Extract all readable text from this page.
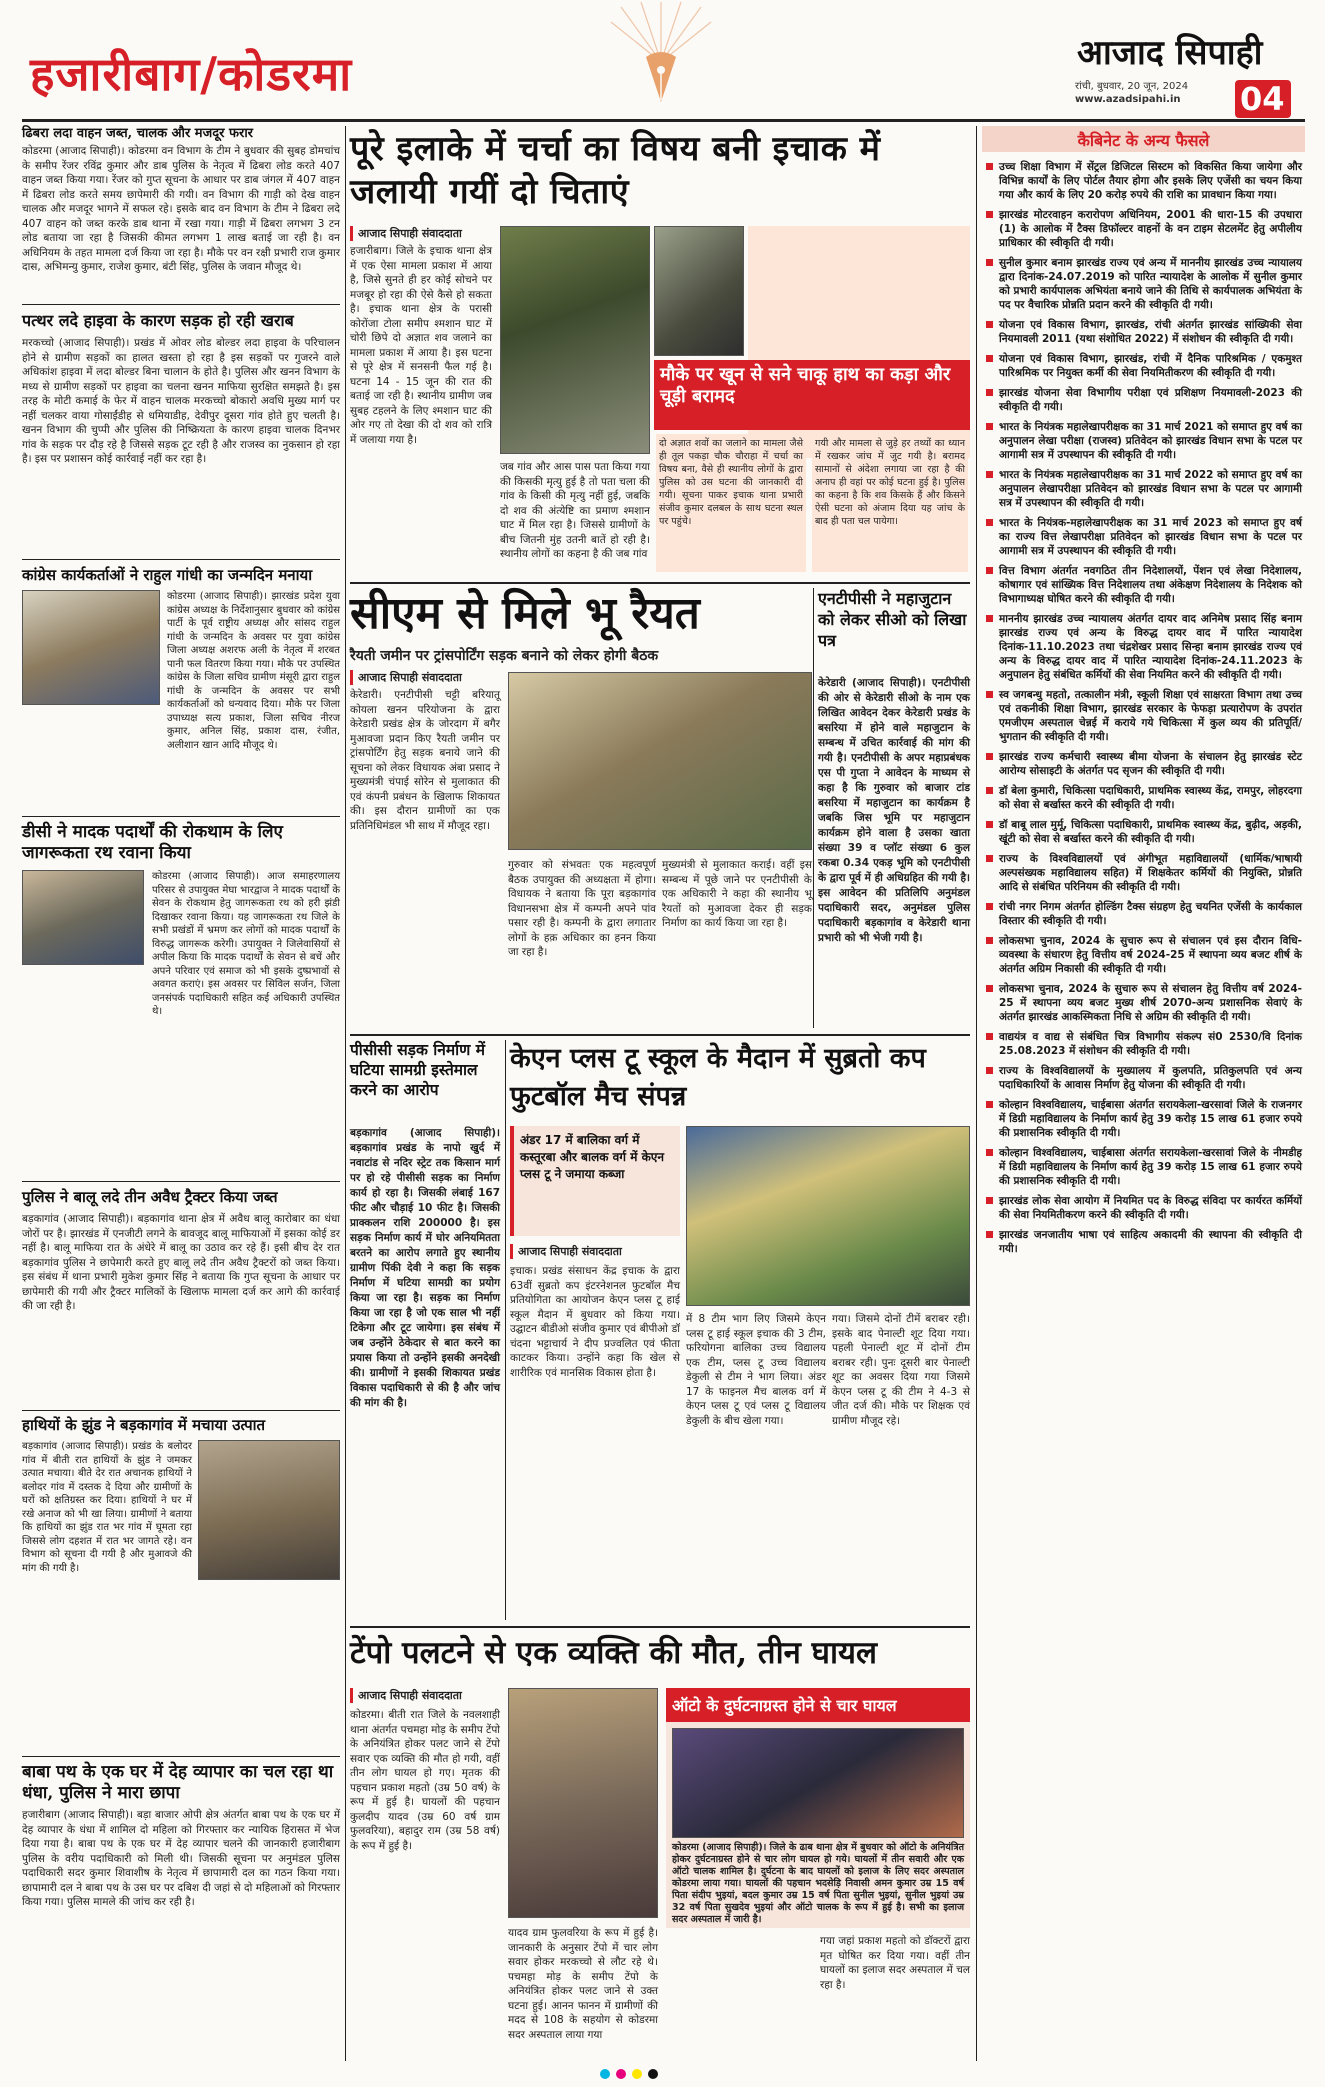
हजारीबाग/कोडरमा	आजाद सिपाही
रांची, बुधवार, 20 जून, 2024
www.azadsipahi.in 04
ढिबरा लदा वाहन जब्त, चालक और मजदूर फरार
कोडरमा (आजाद सिपाही)। कोडरमा वन विभाग के टीम ने बुधवार की सुबह डोमचांच के समीप रेंजर रविंद्र कुमार और डाब पुलिस के नेतृत्व में ढिबरा लोड करते 407 वाहन जब्त किया गया। रेंजर को गुप्त सूचना के आधार पर डाब जंगल में 407 वाहन में ढिबरा लोड करते समय छापेमारी की गयी। वन विभाग की गाड़ी को देख वाहन चालक और मजदूर भागने में सफल रहे। इसके बाद वन विभाग के टीम ने ढिबरा लदे 407 वाहन को जब्त करके डाब थाना में रखा गया। गाड़ी में ढिबरा लगभग 3 टन लोड बताया जा रहा है जिसकी कीमत लगभग 1 लाख बताई जा रही है। वन अधिनियम के तहत मामला दर्ज किया जा रहा है। मौके पर वन रक्षी प्रभारी राज कुमार दास, अभिमन्यु कुमार, राजेश कुमार, बंटी सिंह, पुलिस के जवान मौजूद थे।
पत्थर लदे हाइवा के कारण सड़क हो रही खराब
मरकच्चो (आजाद सिपाही)। प्रखंड में ओवर लोड बोल्डर लदा हाइवा के परिचालन होने से ग्रामीण सड़कों का हालत खस्ता हो रहा है इस सड़कों पर गुजरने वाले अधिकांश हाइवा में लदा बोल्डर बिना चालान के होते है। पुलिस और खनन विभाग के मध्य से ग्रामीण सड़कों पर हाइवा का चलना खनन माफिया सुरक्षित समझते है। इस तरह के मोटी कमाई के फेर में वाहन चालक मरकच्चो बोकारो अवधि मुख्य मार्ग पर नहीं चलकर वाया गोसाईंडीह से धमियाडीह, देवीपुर दूसरा गांव होते हुए चलती है। खनन विभाग की चुप्पी और पुलिस की निष्क्रियता के कारण हाइवा चालक दिनभर गांव के सड़क पर दौड़ रहे है जिससे सड़क टूट रही है और राजस्व का नुकसान हो रहा है। इस पर प्रशासन कोई कार्रवाई नहीं कर रहा है।
कांग्रेस कार्यकर्ताओं ने राहुल गांधी का जन्मदिन मनाया
कोडरमा (आजाद सिपाही)। झारखंड प्रदेश युवा कांग्रेस अध्यक्ष के निर्देशानुसार बुधवार को कांग्रेस पार्टी के पूर्व राष्ट्रीय अध्यक्ष और सांसद राहुल गांधी के जन्मदिन के अवसर पर युवा कांग्रेस जिला अध्यक्ष अशरफ अली के नेतृत्व में शरबत पानी फल वितरण किया गया। मौके पर उपस्थित कांग्रेस के जिला सचिव ग्रामीण मंसूरी द्वारा राहुल गांधी के जन्मदिन के अवसर पर सभी कार्यकर्ताओं को धन्यवाद दिया। मौके पर जिला उपाध्यक्ष सत्य प्रकाश, जिला सचिव नीरज कुमार, अनिल सिंह, प्रकाश दास, रंजीत, अलीशान खान आदि मौजूद थे।
डीसी ने मादक पदार्थों की रोकथाम के लिए जागरूकता रथ रवाना किया
कोडरमा (आजाद सिपाही)। आज समाहरणालय परिसर से उपायुक्त मेघा भारद्वाज ने मादक पदार्थों के सेवन के रोकथाम हेतु जागरूकता रथ को हरी झंडी दिखाकर रवाना किया। यह जागरूकता रथ जिले के सभी प्रखंडों में भ्रमण कर लोगों को मादक पदार्थों के विरुद्ध जागरूक करेगी। उपायुक्त ने जिलेवासियों से अपील किया कि मादक पदार्थों के सेवन से बचें और अपने परिवार एवं समाज को भी इसके दुष्प्रभावों से अवगत कराएं। इस अवसर पर सिविल सर्जन, जिला जनसंपर्क पदाधिकारी सहित कई अधिकारी उपस्थित थे।
पुलिस ने बालू लदे तीन अवैध ट्रैक्टर किया जब्त
बड़कागांव (आजाद सिपाही)। बड़कागांव थाना क्षेत्र में अवैध बालू कारोबार का धंधा जोरों पर है। झारखंड में एनजीटी लगने के बावजूद बालू माफियाओं में इसका कोई डर नहीं है। बालू माफिया रात के अंधेरे में बालू का उठाव कर रहे हैं। इसी बीच देर रात बड़कागांव पुलिस ने छापेमारी करते हुए बालू लदे तीन अवैध ट्रैक्टरों को जब्त किया। इस संबंध में थाना प्रभारी मुकेश कुमार सिंह ने बताया कि गुप्त सूचना के आधार पर छापेमारी की गयी और ट्रैक्टर मालिकों के खिलाफ मामला दर्ज कर आगे की कार्रवाई की जा रही है।
हाथियों के झुंड ने बड़कागांव में मचाया उत्पात
बड़कागांव (आजाद सिपाही)। प्रखंड के बलोदर गांव में बीती रात हाथियों के झुंड ने जमकर उत्पात मचाया। बीते देर रात अचानक हाथियों ने बलोदर गांव में दस्तक दे दिया और ग्रामीणों के घरों को क्षतिग्रस्त कर दिया। हाथियों ने घर में रखे अनाज को भी खा लिया। ग्रामीणों ने बताया कि हाथियों का झुंड रात भर गांव में घूमता रहा जिससे लोग दहशत में रात भर जागते रहे। वन विभाग को सूचना दी गयी है और मुआवजे की मांग की गयी है।
बाबा पथ के एक घर में देह व्यापार का चल रहा था धंधा, पुलिस ने मारा छापा
हजारीबाग (आजाद सिपाही)। बड़ा बाजार ओपी क्षेत्र अंतर्गत बाबा पथ के एक घर में देह व्यापार के धंधा में शामिल दो महिला को गिरफ्तार कर न्यायिक हिरासत में भेज दिया गया है। बाबा पथ के एक घर में देह व्यापार चलने की जानकारी हजारीबाग पुलिस के वरीय पदाधिकारी को मिली थी। जिसकी सूचना पर अनुमंडल पुलिस पदाधिकारी सदर कुमार शिवाशीष के नेतृत्व में छापामारी दल का गठन किया गया। छापामारी दल ने बाबा पथ के उस घर पर दबिश दी जहां से दो महिलाओं को गिरफ्तार किया गया। पुलिस मामले की जांच कर रही है।
पूरे इलाके में चर्चा का विषय बनी इचाक में जलायी गयीं दो चिताएं
आजाद सिपाही संवाददाता
हजारीबाग। जिले के इचाक थाना क्षेत्र में एक ऐसा मामला प्रकाश में आया है, जिसे सुनते ही हर कोई सोचने पर मजबूर हो रहा की ऐसे कैसे हो सकता है। इचाक थाना क्षेत्र के परासी कोरोंजा टोला समीप श्मशान घाट में चोरी छिपे दो अज्ञात शव जलाने का मामला प्रकाश में आया है। इस घटना से पूरे क्षेत्र में सनसनी फैल गई है। घटना 14 - 15 जून की रात की बताई जा रही है। स्थानीय ग्रामीण जब सुबह टहलने के लिए श्मशान घाट की ओर गए तो देखा की दो शव को रात्रि में जलाया गया है।
मौके पर खून से सने चाकू हाथ का कड़ा और चूड़ी बरामद
दो अज्ञात शवों का जलाने का मामला जैसे ही तूल पकड़ा चौक चौराहा में चर्चा का विषय बना, वैसे ही स्थानीय लोगों के द्वारा पुलिस को उस घटना की जानकारी दी गयी। सूचना पाकर इचाक थाना प्रभारी संजीव कुमार दलबल के साथ घटना स्थल पर पहुंचे।
गयी और मामला से जुड़े हर तथ्यों का ध्यान में रखकर जांच में जुट गयी है। बरामद सामानों से अंदेशा लगाया जा रहा है की अनाप ही वहां पर कोई घटना हुई है। पुलिस का कहना है कि शव किसके हैं और किसने ऐसी घटना को अंजाम दिया यह जांच के बाद ही पता चल पायेगा।
जब गांव और आस पास पता किया गया की किसकी मृत्यु हुई है तो पता चला की गांव के किसी की मृत्यु नहीं हुई, जबकि दो शव की अंत्येष्टि का प्रमाण श्मशान घाट में मिल रहा है। जिससे ग्रामीणों के बीच जितनी मुंह उतनी बातें हो रही है। स्थानीय लोगों का कहना है की जब गांव
सीएम से मिले भू रैयत
रैयती जमीन पर ट्रांसपोर्टिंग सड़क बनाने को लेकर होगी बैठक
आजाद सिपाही संवाददाता
केरेडारी। एनटीपीसी चट्टी बरियातू कोयला खनन परियोजना के द्वारा केरेडारी प्रखंड क्षेत्र के जोरदाग में बगैर मुआवजा प्रदान किए रैयती जमीन पर ट्रांसपोर्टिंग हेतु सड़क बनाये जाने की सूचना को लेकर विधायक अंबा प्रसाद ने मुख्यमंत्री चंपाई सोरेन से मुलाकात की एवं कंपनी प्रबंधन के खिलाफ शिकायत की। इस दौरान ग्रामीणों का एक प्रतिनिधिमंडल भी साथ में मौजूद रहा।
गुरुवार को संभवतः एक महत्वपूर्ण बैठक उपायुक्त की अध्यक्षता में होगा। विधायक ने बताया कि पूरा बड़कागांव विधानसभा क्षेत्र में कम्पनी अपने पांव पसार रही है। कम्पनी के द्वारा लगातार लोगों के हक़ अधिकार का हनन किया जा रहा है।
मुख्यमंत्री से मुलाकात कराई। वहीं इस सम्बन्ध में पूछे जाने पर एनटीपीसी के एक अधिकारी ने कहा की स्थानीय भू रैयतों को मुआवजा देकर ही सड़क निर्माण का कार्य किया जा रहा है।
एनटीपीसी ने महाजुटान को लेकर सीओ को लिखा पत्र
केरेडारी (आजाद सिपाही)। एनटीपीसी की ओर से केरेडारी सीओ के नाम एक लिखित आवेदन देकर केरेडारी प्रखंड के बसरिया में होने वाले महाजुटान के सम्बन्ध में उचित कार्रवाई की मांग की गयी है। एनटीपीसी के अपर महाप्रबंधक एस पी गुप्ता ने आवेदन के माध्यम से कहा है कि गुरुवार को बाजार टांड बसरिया में महाजुटान का कार्यक्रम है जबकि जिस भूमि पर महाजुटान कार्यक्रम होने वाला है उसका खाता संख्या 39 व प्लॉट संख्या 6 कुल रकबा 0.34 एकड़ भूमि को एनटीपीसी के द्वारा पूर्व में ही अधिग्रहित की गयी है। इस आवेदन की प्रतिलिपि अनुमंडल पदाधिकारी सदर, अनुमंडल पुलिस पदाधिकारी बड़कागांव व केरेडारी थाना प्रभारी को भी भेजी गयी है।
पीसीसी सड़क निर्माण में घटिया सामग्री इस्तेमाल करने का आरोप
बड़कागांव (आजाद सिपाही)। बड़कागांव प्रखंड के नापो खुर्द में नवाटांड से नदिर स्ट्रेट तक किसान मार्ग पर हो रहे पीसीसी सड़क का निर्माण कार्य हो रहा है। जिसकी लंबाई 167 फीट और चौड़ाई 10 फीट है। जिसकी प्राक्कलन राशि 200000 है। इस सड़क निर्माण कार्य में घोर अनियमितता बरतने का आरोप लगाते हुए स्थानीय ग्रामीण पिंकी देवी ने कहा कि सड़क निर्माण में घटिया सामग्री का प्रयोग किया जा रहा है। सड़क का निर्माण किया जा रहा है जो एक साल भी नहीं टिकेगा और टूट जायेगा। इस संबंध में जब उन्होंने ठेकेदार से बात करने का प्रयास किया तो उन्होंने इसकी अनदेखी की। ग्रामीणों ने इसकी शिकायत प्रखंड विकास पदाधिकारी से की है और जांच की मांग की है।
केएन प्लस टू स्कूल के मैदान में सुब्रतो कप फुटबॉल मैच संपन्न
अंडर 17 में बालिका वर्ग में कस्तूरबा और बालक वर्ग में केएन प्लस टू ने जमाया कब्जा
आजाद सिपाही संवाददाता
इचाक। प्रखंड संसाधन केंद्र इचाक के द्वारा 63वीं सुब्रतो कप इंटरनेशनल फुटबॉल मैच प्रतियोगिता का आयोजन केएन प्लस टू हाई स्कूल मैदान में बुधवार को किया गया। उद्घाटन बीडीओ संजीव कुमार एवं बीपीओ डॉ चंदना भट्टाचार्य ने दीप प्रज्वलित एवं फीता काटकर किया। उन्होंने कहा कि खेल से शारीरिक एवं मानसिक विकास होता है।
में 8 टीम भाग लिए जिसमे केएन प्लस टू हाई स्कूल इचाक की 3 टीम, फरियोगना बालिका उच्च विद्यालय एक टीम, प्लस टू उच्च विद्यालय डेकुली से टीम ने भाग लिया। अंडर 17 के फाइनल मैच बालक वर्ग में केएन प्लस टू एवं प्लस टू विद्यालय डेकुली के बीच खेला गया।
गया। जिसमे दोनों टीमें बराबर रही। इसके बाद पेनाल्टी शूट दिया गया। पहली पेनाल्टी शूट में दोनों टीम बराबर रही। पुनः दूसरी बार पेनाल्टी शूट का अवसर दिया गया जिसमे केएन प्लस टू की टीम ने 4-3 से जीत दर्ज की। मौके पर शिक्षक एवं ग्रामीण मौजूद रहे।
टेंपो पलटने से एक व्यक्ति की मौत, तीन घायल
आजाद सिपाही संवाददाता
कोडरमा। बीती रात जिले के नवलशाही थाना अंतर्गत पचमहा मोड़ के समीप टेंपो के अनियंत्रित होकर पलट जाने से टेंपो सवार एक व्यक्ति की मौत हो गयी, वहीं तीन लोग घायल हो गए। मृतक की पहचान प्रकाश महतो (उम्र 50 वर्ष) के रूप में हुई है। घायलों की पहचान कुलदीप यादव (उम्र 60 वर्ष ग्राम फुलवरिया), बहादुर राम (उम्र 58 वर्ष) के रूप में हुई है।
यादव ग्राम फुलवरिया के रूप में हुई है। जानकारी के अनुसार टेंपो में चार लोग सवार होकर मरकच्चो से लौट रहे थे। पचमहा मोड़ के समीप टेंपो के अनियंत्रित होकर पलट जाने से उक्त घटना हुई। आनन फानन में ग्रामीणों की मदद से 108 के सहयोग से कोडरमा सदर अस्पताल लाया गया
ऑटो के दुर्घटनाग्रस्त होने से चार घायल
कोडरमा (आजाद सिपाही)। जिले के ढाब थाना क्षेत्र में बुधवार को ऑटो के अनियंत्रित होकर दुर्घटनाग्रस्त होने से चार लोग घायल हो गये। घायलों में तीन सवारी और एक ऑटो चालक शामिल है। दुर्घटना के बाद घायलों को इलाज के लिए सदर अस्पताल कोडरमा लाया गया। घायलों की पहचान भदसेड़ि निवासी अमन कुमार उम्र 15 वर्ष पिता संदीप भुइयां, बदल कुमार उम्र 15 वर्ष पिता सुनील भुइयां, सुनील भुइयां उम्र 32 वर्ष पिता सुखदेव भुइयां और ऑटो चालक के रूप में हुई है। सभी का इलाज सदर अस्पताल में जारी है।
गया जहां प्रकाश महतो को डॉक्टरों द्वारा मृत घोषित कर दिया गया। वहीं तीन घायलों का इलाज सदर अस्पताल में चल रहा है।
कैबिनेट के अन्य फैसले
उच्च शिक्षा विभाग में सेंट्रल डिजिटल सिस्टम को विकसित किया जायेगा और विभिन्न कार्यों के लिए पोर्टल तैयार होगा और इसके लिए एजेंसी का चयन किया गया और कार्य के लिए 20 करोड़ रुपये की राशि का प्रावधान किया गया।
झारखंड मोटरवाहन करारोपण अधिनियम, 2001 की धारा-15 की उपधारा (1) के आलोक में टैक्स डिफॉल्टर वाहनों के वन टाइम सेटलमेंट हेतु अपीलीय प्राधिकार की स्वीकृति दी गयी।
सुनील कुमार बनाम झारखंड राज्य एवं अन्य में माननीय झारखंड उच्च न्यायालय द्वारा दिनांक-24.07.2019 को पारित न्यायादेश के आलोक में सुनील कुमार को प्रभारी कार्यपालक अभियंता बनाये जाने की तिथि से कार्यपालक अभियंता के पद पर वैचारिक प्रोन्नति प्रदान करने की स्वीकृति दी गयी।
योजना एवं विकास विभाग, झारखंड, रांची अंतर्गत झारखंड सांख्यिकी सेवा नियमावली 2011 (यथा संशोधित 2022) में संशोधन की स्वीकृति दी गयी।
योजना एवं विकास विभाग, झारखंड, रांची में दैनिक पारिश्रमिक / एकमुश्त पारिश्रमिक पर नियुक्त कर्मी की सेवा नियमितीकरण की स्वीकृति दी गयी।
झारखंड योजना सेवा विभागीय परीक्षा एवं प्रशिक्षण नियमावली-2023 की स्वीकृति दी गयी।
भारत के नियंत्रक महालेखापरीक्षक का 31 मार्च 2021 को समाप्त हुए वर्ष का अनुपालन लेखा परीक्षा (राजस्व) प्रतिवेदन को झारखंड विधान सभा के पटल पर आगामी सत्र में उपस्थापन की स्वीकृति दी गयी।
भारत के नियंत्रक महालेखापरीक्षक का 31 मार्च 2022 को समाप्त हुए वर्ष का अनुपालन लेखापरीक्षा प्रतिवेदन को झारखंड विधान सभा के पटल पर आगामी सत्र में उपस्थापन की स्वीकृति दी गयी।
भारत के नियंत्रक-महालेखापरीक्षक का 31 मार्च 2023 को समाप्त हुए वर्ष का राज्य वित्त लेखापरीक्षा प्रतिवेदन को झारखंड विधान सभा के पटल पर आगामी सत्र में उपस्थापन की स्वीकृति दी गयी।
वित्त विभाग अंतर्गत नवगठित तीन निदेशालयों, पेंशन एवं लेखा निदेशालय, कोषागार एवं सांख्यिक वित्त निदेशालय तथा अंकेक्षण निदेशालय के निदेशक को विभागाध्यक्ष घोषित करने की स्वीकृति दी गयी।
माननीय झारखंड उच्च न्यायालय अंतर्गत दायर वाद अनिमेष प्रसाद सिंह बनाम झारखंड राज्य एवं अन्य के विरुद्ध दायर वाद में पारित न्यायादेश दिनांक-11.10.2023 तथा चंद्रशेखर प्रसाद सिन्हा बनाम झारखंड राज्य एवं अन्य के विरुद्ध दायर वाद में पारित न्यायादेश दिनांक-24.11.2023 के अनुपालन हेतु संबंधित कर्मियों की सेवा नियमित करने की स्वीकृति दी गयी।
स्व जगबन्धु महतो, तत्कालीन मंत्री, स्कूली शिक्षा एवं साक्षरता विभाग तथा उच्च एवं तकनीकी शिक्षा विभाग, झारखंड सरकार के फेफड़ा प्रत्यारोपण के उपरांत एमजीएम अस्पताल चेन्नई में कराये गये चिकित्सा में कुल व्यय की प्रतिपूर्ति/भुगतान की स्वीकृति दी गयी।
झारखंड राज्य कर्मचारी स्वास्थ्य बीमा योजना के संचालन हेतु झारखंड स्टेट आरोग्य सोसाइटी के अंतर्गत पद सृजन की स्वीकृति दी गयी।
डॉ बेला कुमारी, चिकित्सा पदाधिकारी, प्राथमिक स्वास्थ्य केंद्र, रामपुर, लोहरदगा को सेवा से बर्खास्त करने की स्वीकृति दी गयी।
डॉ बाबू लाल मुर्मू, चिकित्सा पदाधिकारी, प्राथमिक स्वास्थ्य केंद्र, बुढ़ीद, अड़की, खूंटी को सेवा से बर्खास्त करने की स्वीकृति दी गयी।
राज्य के विश्वविद्यालयों एवं अंगीभूत महाविद्यालयों (धार्मिक/भाषायी अल्पसंख्यक महाविद्यालय सहित) में शिक्षकेतर कर्मियों की नियुक्ति, प्रोन्नति आदि से संबंधित परिनियम की स्वीकृति दी गयी।
रांची नगर निगम अंतर्गत होल्डिंग टैक्स संग्रहण हेतु चयनित एजेंसी के कार्यकाल विस्तार की स्वीकृति दी गयी।
लोकसभा चुनाव, 2024 के सुचारु रूप से संचालन एवं इस दौरान विधि-व्यवस्था के संधारण हेतु वित्तीय वर्ष 2024-25 में स्थापना व्यय बजट शीर्ष के अंतर्गत अग्रिम निकासी की स्वीकृति दी गयी।
लोकसभा चुनाव, 2024 के सुचारु रूप से संचालन हेतु वित्तीय वर्ष 2024-25 में स्थापना व्यय बजट मुख्य शीर्ष 2070-अन्य प्रशासनिक सेवाएं के अंतर्गत झारखंड आकस्मिकता निधि से अग्रिम की स्वीकृति दी गयी।
वाद्ययंत्र व वाद्य से संबंधित चित्र विभागीय संकल्प सं0 2530/वि दिनांक 25.08.2023 में संशोधन की स्वीकृति दी गयी।
राज्य के विश्वविद्यालयों के मुख्यालय में कुलपति, प्रतिकुलपति एवं अन्य पदाधिकारियों के आवास निर्माण हेतु योजना की स्वीकृति दी गयी।
कोल्हान विश्वविद्यालय, चाईबासा अंतर्गत सरायकेला-खरसावां जिले के राजनगर में डिग्री महाविद्यालय के निर्माण कार्य हेतु 39 करोड़ 15 लाख 61 हजार रुपये की प्रशासनिक स्वीकृति दी गयी।
कोल्हान विश्वविद्यालय, चाईबासा अंतर्गत सरायकेला-खरसावां जिले के नीमडीह में डिग्री महाविद्यालय के निर्माण कार्य हेतु 39 करोड़ 15 लाख 61 हजार रुपये की प्रशासनिक स्वीकृति दी गयी।
झारखंड लोक सेवा आयोग में नियमित पद के विरुद्ध संविदा पर कार्यरत कर्मियों की सेवा नियमितीकरण करने की स्वीकृति दी गयी।
झारखंड जनजातीय भाषा एवं साहित्य अकादमी की स्थापना की स्वीकृति दी गयी।
